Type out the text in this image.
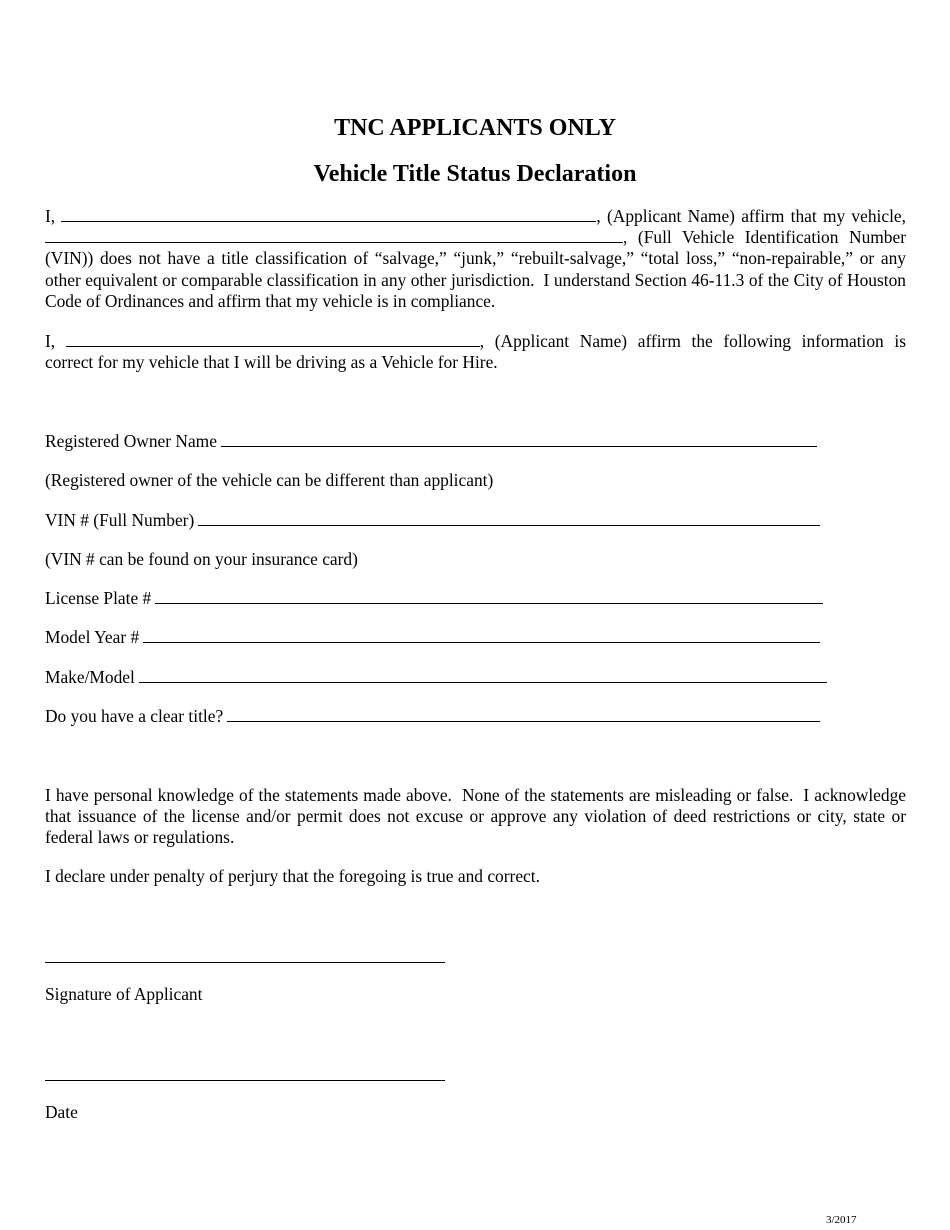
TNC APPLICANTS ONLY
Vehicle Title Status Declaration

I,	, (Applicant Name) affirm that my vehicle, , (Full Vehicle Identification Number (VIN)) does not have a title classification of “salvage,” “junk,” “rebuilt-salvage,” “total loss,” “non-repairable,” or any other equivalent or comparable classification in any other jurisdiction.  I understand Section 46-11.3 of the City of Houston Code of Ordinances and affirm that my vehicle is in compliance.

I,	, (Applicant Name) affirm the following information is correct for my vehicle that I will be driving as a Vehicle for Hire.

Registered Owner Name

(Registered owner of the vehicle can be different than applicant)

VIN # (Full Number)

(VIN # can be found on your insurance card)

License Plate #

Model Year #

Make/Model

Do you have a clear title?

I have personal knowledge of the statements made above.  None of the statements are misleading or false.  I acknowledge that issuance of the license and/or permit does not excuse or approve any violation of deed restrictions or city, state or federal laws or regulations.

I declare under penalty of perjury that the foregoing is true and correct.

Signature of Applicant

Date

3/2017
